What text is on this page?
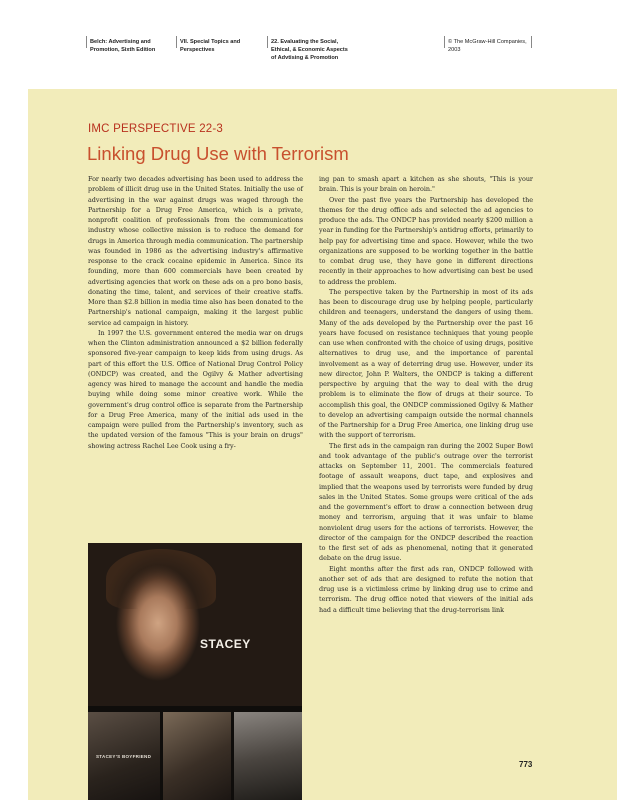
Belch: Advertising and Promotion, Sixth Edition
VII. Special Topics and Perspectives
22. Evaluating the Social, Ethical, & Economic Aspects of Advtising & Promotion
© The McGraw-Hill Companies, 2003
IMC PERSPECTIVE 22-3
Linking Drug Use with Terrorism

For nearly two decades advertising has been used to address the problem of illicit drug use in the United States. Initially the use of advertising in the war against drugs was waged through the Partnership for a Drug Free America, which is a private, nonprofit coalition of professionals from the communications industry whose collective mission is to reduce the demand for drugs in America through media communication. The partnership was founded in 1986 as the advertising industry's affirmative response to the crack cocaine epidemic in America. Since its founding, more than 600 commercials have been created by advertising agencies that work on these ads on a pro bono basis, donating the time, talent, and services of their creative staffs. More than $2.8 billion in media time also has been donated to the Partnership's national campaign, making it the largest public service ad campaign in history.

In 1997 the U.S. government entered the media war on drugs when the Clinton administration announced a $2 billion federally sponsored five-year campaign to keep kids from using drugs. As part of this effort the U.S. Office of National Drug Control Policy (ONDCP) was created, and the Ogilvy & Mather advertising agency was hired to manage the account and handle the media buying while doing some minor creative work. While the government's drug control office is separate from the Partnership for a Drug Free America, many of the initial ads used in the campaign were pulled from the Partnership's inventory, such as the updated version of the famous "This is your brain on drugs" showing actress Rachel Lee Cook using a fry-

ing pan to smash apart a kitchen as she shouts, "This is your brain. This is your brain on heroin."

Over the past five years the Partnership has developed the themes for the drug office ads and selected the ad agencies to produce the ads. The ONDCP has provided nearly $200 million a year in funding for the Partnership's antidrug efforts, primarily to help pay for advertising time and space. However, while the two organizations are supposed to be working together in the battle to combat drug use, they have gone in different directions recently in their approaches to how advertising can best be used to address the problem.

The perspective taken by the Partnership in most of its ads has been to discourage drug use by helping people, particularly children and teenagers, understand the dangers of using them. Many of the ads developed by the Partnership over the past 16 years have focused on resistance techniques that young people can use when confronted with the choice of using drugs, positive alternatives to drug use, and the importance of parental involvement as a way of deterring drug use. However, under its new director, John P. Walters, the ONDCP is taking a different perspective by arguing that the way to deal with the drug problem is to eliminate the flow of drugs at their source. To accomplish this goal, the ONDCP commissioned Ogilvy & Mather to develop an advertising campaign outside the normal channels of the Partnership for a Drug Free America, one linking drug use with the support of terrorism.

The first ads in the campaign ran during the 2002 Super Bowl and took advantage of the public's outrage over the terrorist attacks on September 11, 2001. The commercials featured footage of assault weapons, duct tape, and explosives and implied that the weapons used by terrorists were funded by drug sales in the United States. Some groups were critical of the ads and the government's effort to draw a connection between drug money and terrorism, arguing that it was unfair to blame nonviolent drug users for the actions of terrorists. However, the director of the campaign for the ONDCP described the reaction to the first set of ads as phenomenal, noting that it generated debate on the drug issue.

Eight months after the first ads ran, ONDCP followed with another set of ads that are designed to refute the notion that drug use is a victimless crime by linking drug use to crime and terrorism. The drug office noted that viewers of the initial ads had a difficult time believing that the drug-terrorism link

STACEY
STACEY'S BOYFRIEND
773
